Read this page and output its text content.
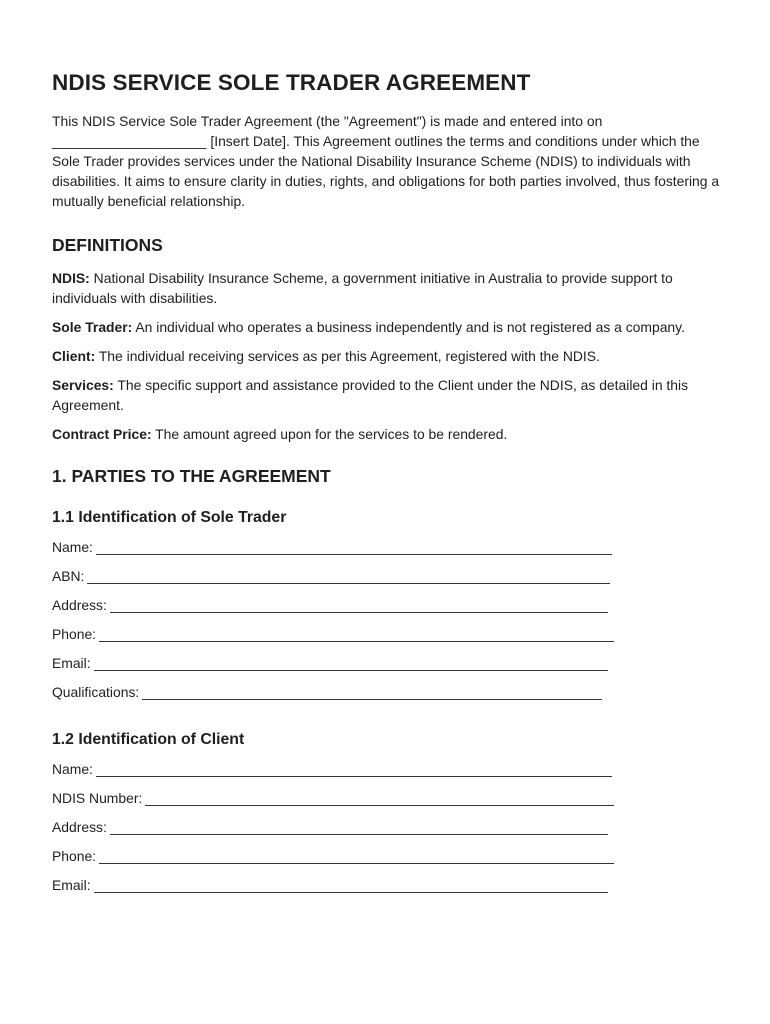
NDIS SERVICE SOLE TRADER AGREEMENT

This NDIS Service Sole Trader Agreement (the "Agreement") is made and entered into on ____________________ [Insert Date]. This Agreement outlines the terms and conditions under which the Sole Trader provides services under the National Disability Insurance Scheme (NDIS) to individuals with disabilities. It aims to ensure clarity in duties, rights, and obligations for both parties involved, thus fostering a mutually beneficial relationship.

DEFINITIONS

NDIS: National Disability Insurance Scheme, a government initiative in Australia to provide support to individuals with disabilities.

Sole Trader: An individual who operates a business independently and is not registered as a company.

Client: The individual receiving services as per this Agreement, registered with the NDIS.

Services: The specific support and assistance provided to the Client under the NDIS, as detailed in this Agreement.

Contract Price: The amount agreed upon for the services to be rendered.

1. PARTIES TO THE AGREEMENT
1.1 Identification of Sole Trader
Name:
ABN:
Address:
Phone:
Email:
Qualifications:
1.2 Identification of Client
Name:
NDIS Number:
Address:
Phone:
Email:
